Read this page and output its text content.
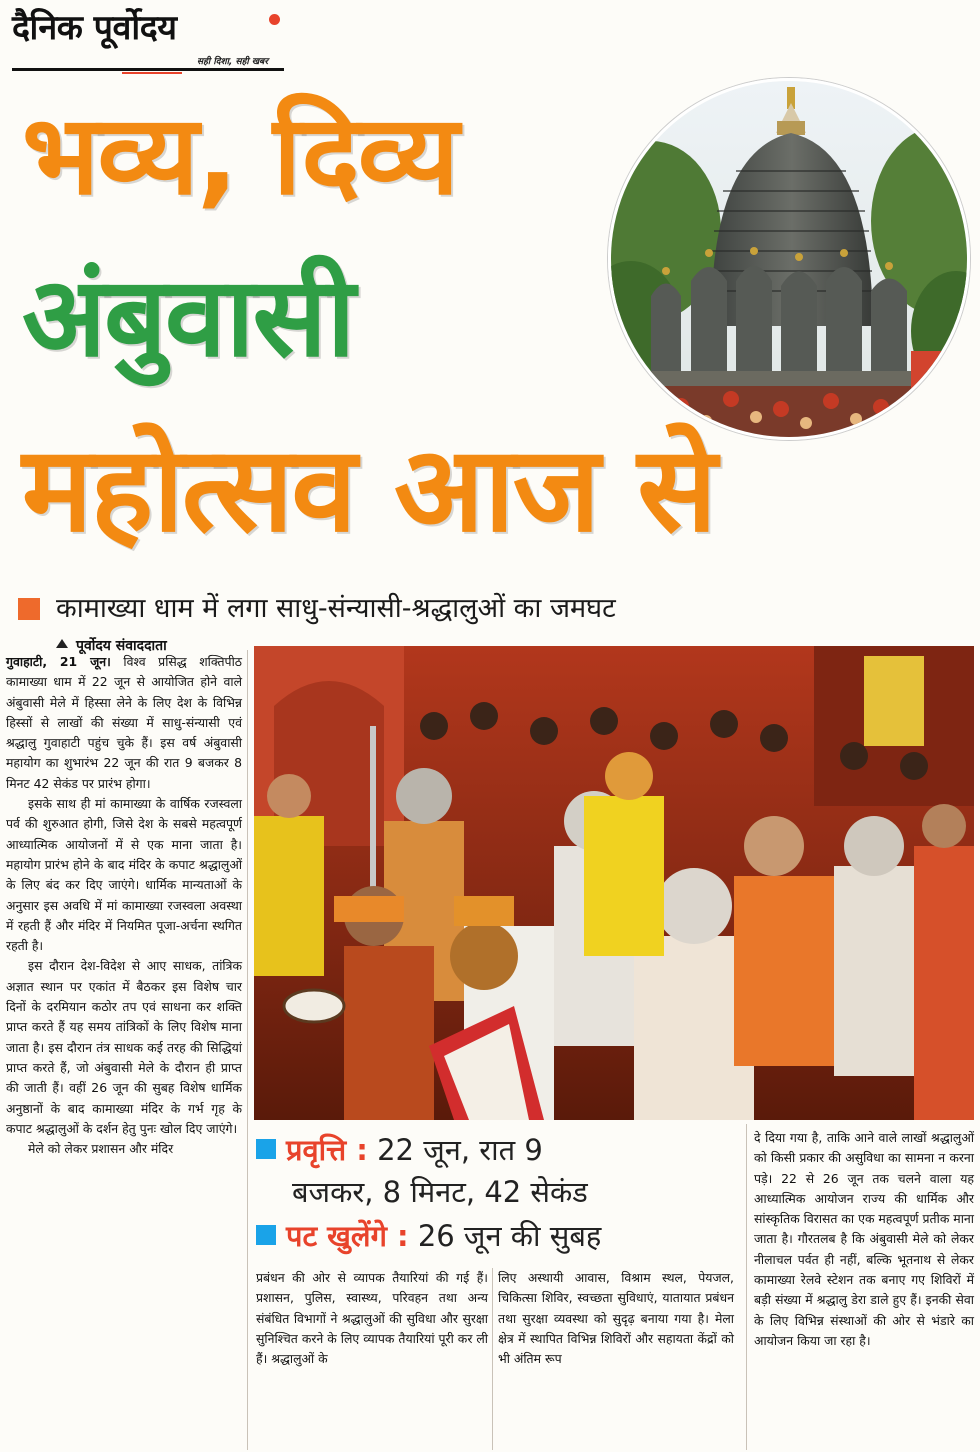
दैनिक पूर्वोदय
सही दिशा, सही खबर
भव्य, दिव्य
अंबुवासी
महोत्सव आज से
कामाख्या धाम में लगा साधु-संन्यासी-श्रद्धालुओं का जमघट
पूर्वोदय संवाददाता

गुवाहाटी, 21 जून। विश्व प्रसिद्ध शक्तिपीठ कामाख्या धाम में 22 जून से आयोजित होने वाले अंबुवासी मेले में हिस्सा लेने के लिए देश के विभिन्न हिस्सों से लाखों की संख्या में साधु-संन्यासी एवं श्रद्धालु गुवाहाटी पहुंच चुके हैं। इस वर्ष अंबुवासी महायोग का शुभारंभ 22 जून की रात 9 बजकर 8 मिनट 42 सेकंड पर प्रारंभ होगा।

इसके साथ ही मां कामाख्या के वार्षिक रजस्वला पर्व की शुरुआत होगी, जिसे देश के सबसे महत्वपूर्ण आध्यात्मिक आयोजनों में से एक माना जाता है। महायोग प्रारंभ होने के बाद मंदिर के कपाट श्रद्धालुओं के लिए बंद कर दिए जाएंगे। धार्मिक मान्यताओं के अनुसार इस अवधि में मां कामाख्या रजस्वला अवस्था में रहती हैं और मंदिर में नियमित पूजा-अर्चना स्थगित रहती है।

इस दौरान देश-विदेश से आए साधक, तांत्रिक अज्ञात स्थान पर एकांत में बैठकर इस विशेष चार दिनों के दरमियान कठोर तप एवं साधना कर शक्ति प्राप्त करते हैं यह समय तांत्रिकों के लिए विशेष माना जाता है। इस दौरान तंत्र साधक कई तरह की सिद्धियां प्राप्त करते हैं, जो अंबुवासी मेले के दौरान ही प्राप्त की जाती हैं। वहीं 26 जून की सुबह विशेष धार्मिक अनुष्ठानों के बाद कामाख्या मंदिर के गर्भ गृह के कपाट श्रद्धालुओं के दर्शन हेतु पुनः खोल दिए जाएंगे।

मेले को लेकर प्रशासन और मंदिर	प्रवृत्ति : 22 जून, रात 9
बजकर, 8 मिनट, 42 सेकंड
पट खुलेंगे : 26 जून की सुबह

प्रबंधन की ओर से व्यापक तैयारियां की गई हैं। प्रशासन, पुलिस, स्वास्थ्य, परिवहन तथा अन्य संबंधित विभागों ने श्रद्धालुओं की सुविधा और सुरक्षा सुनिश्चित करने के लिए व्यापक तैयारियां पूरी कर ली हैं। श्रद्धालुओं के

लिए अस्थायी आवास, विश्राम स्थल, पेयजल, चिकित्सा शिविर, स्वच्छता सुविधाएं, यातायात प्रबंधन तथा सुरक्षा व्यवस्था को सुदृढ़ बनाया गया है। मेला क्षेत्र में स्थापित विभिन्न शिविरों और सहायता केंद्रों को भी अंतिम रूप

दे दिया गया है, ताकि आने वाले लाखों श्रद्धालुओं को किसी प्रकार की असुविधा का सामना न करना पड़े। 22 से 26 जून तक चलने वाला यह आध्यात्मिक आयोजन राज्य की धार्मिक और सांस्कृतिक विरासत का एक महत्वपूर्ण प्रतीक माना जाता है। गौरतलब है कि अंबुवासी मेले को लेकर नीलाचल पर्वत ही नहीं, बल्कि भूतनाथ से लेकर कामाख्या रेलवे स्टेशन तक बनाए गए शिविरों में बड़ी संख्या में श्रद्धालु डेरा डाले हुए हैं। इनकी सेवा के लिए विभिन्न संस्थाओं की ओर से भंडारे का आयोजन किया जा रहा है।
